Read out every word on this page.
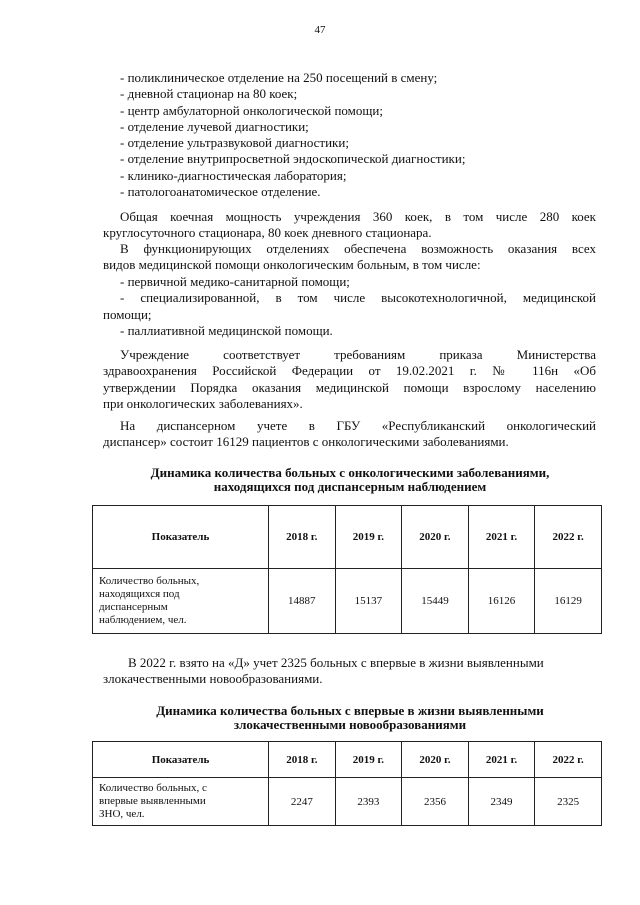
47
- поликлиническое отделение на 250 посещений в смену;
- дневной стационар на 80 коек;
- центр амбулаторной онкологической помощи;
- отделение лучевой диагностики;
- отделение ультразвуковой диагностики;
- отделение внутрипросветной эндоскопической диагностики;
- клинико-диагностическая лаборатория;
- патологоанатомическое отделение.
Общая коечная мощность учреждения 360 коек, в том числе 280 коек
круглосуточного стационара, 80 коек дневного стационара.
В функционирующих отделениях обеспечена возможность оказания всех
видов медицинской помощи онкологическим больным, в том числе:
- первичной медико-санитарной помощи;
- специализированной, в том числе высокотехнологичной, медицинской
помощи;
- паллиативной медицинской помощи.
Учреждение соответствует требованиям приказа Министерства
здравоохранения Российской Федерации от 19.02.2021 г. № 116н «Об
утверждении Порядка оказания медицинской помощи взрослому населению
при онкологических заболеваниях».
На диспансерном учете в ГБУ «Республиканский онкологический
диспансер» состоит 16129 пациентов с онкологическими заболеваниями.
Динамика количества больных с онкологическими заболеваниями,
находящихся под диспансерным наблюдением
Показатель	2018 г.	2019 г.	2020 г.	2021 г.	2022 г.

Количество больных,
находящихся под
диспансерным
наблюдением, чел.	14887	15137	15449	16126	16129
В 2022 г. взято на «Д» учет 2325 больных с впервые в жизни выявленными
злокачественными новообразованиями.
Динамика количества больных с впервые в жизни выявленными
злокачественными новообразованиями
Показатель	2018 г.	2019 г.	2020 г.	2021 г.	2022 г.

Количество больных, с
впервые выявленными
ЗНО, чел.	2247	2393	2356	2349	2325
